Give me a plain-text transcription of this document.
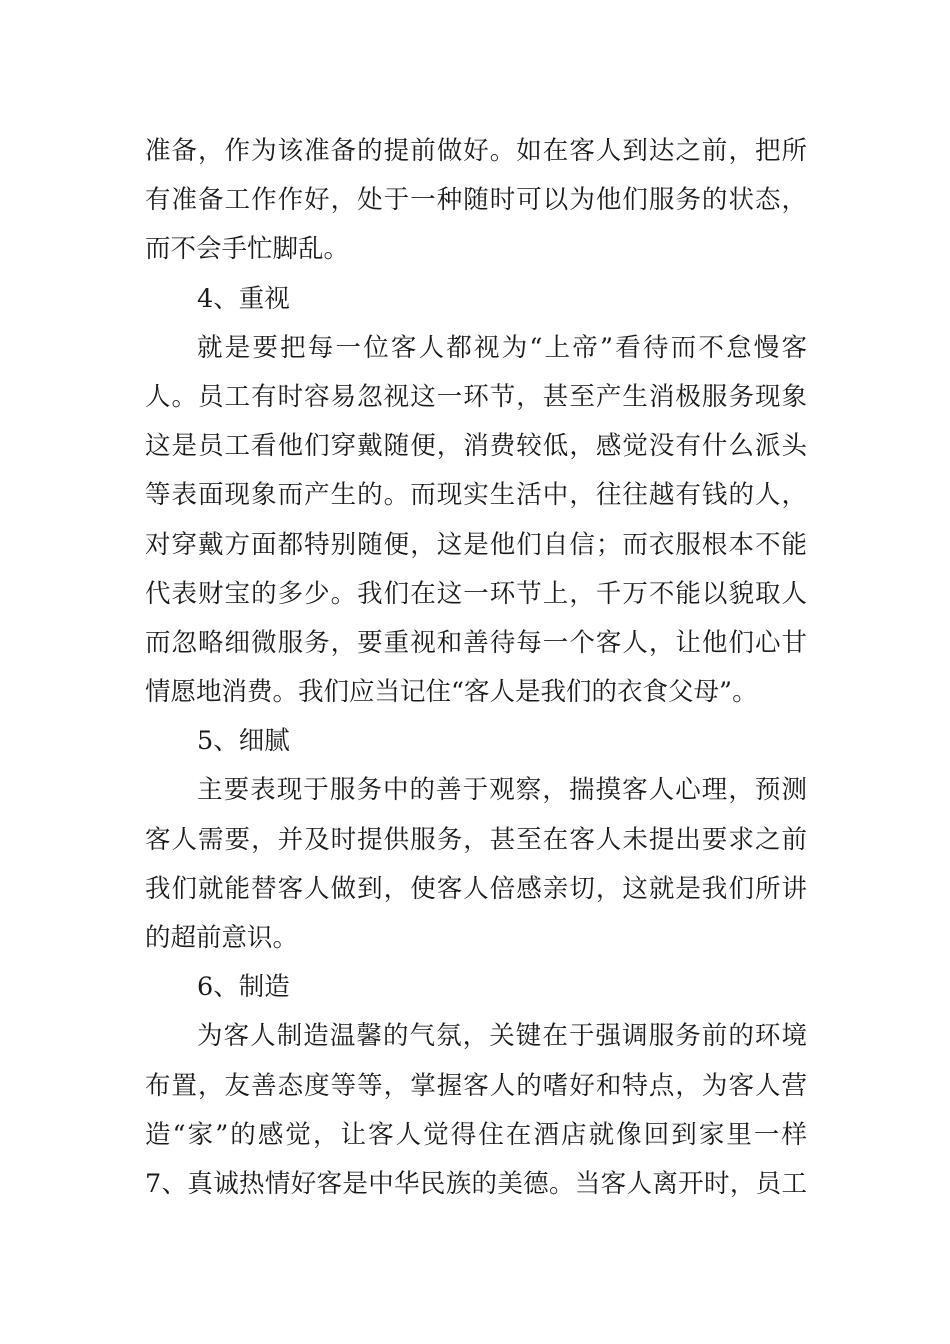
准备，作为该准备的提前做好。如在客人到达之前，把所
有准备工作作好，处于一种随时可以为他们服务的状态，
而不会手忙脚乱。
4、重视
就是要把每一位客人都视为“上帝”看待而不怠慢客
人。员工有时容易忽视这一环节，甚至产生消极服务现象
这是员工看他们穿戴随便，消费较低，感觉没有什么派头
等表面现象而产生的。而现实生活中，往往越有钱的人，
对穿戴方面都特别随便，这是他们自信；而衣服根本不能
代表财宝的多少。我们在这一环节上，千万不能以貌取人
而忽略细微服务，要重视和善待每一个客人，让他们心甘
情愿地消费。我们应当记住“客人是我们的衣食父母”。
5、细腻
主要表现于服务中的善于观察，揣摸客人心理，预测
客人需要，并及时提供服务，甚至在客人未提出要求之前
我们就能替客人做到，使客人倍感亲切，这就是我们所讲
的超前意识。
6、制造
为客人制造温馨的气氛，关键在于强调服务前的环境
布置，友善态度等等，掌握客人的嗜好和特点，为客人营
造“家”的感觉，让客人觉得住在酒店就像回到家里一样
7、真诚热情好客是中华民族的美德。当客人离开时，员工
